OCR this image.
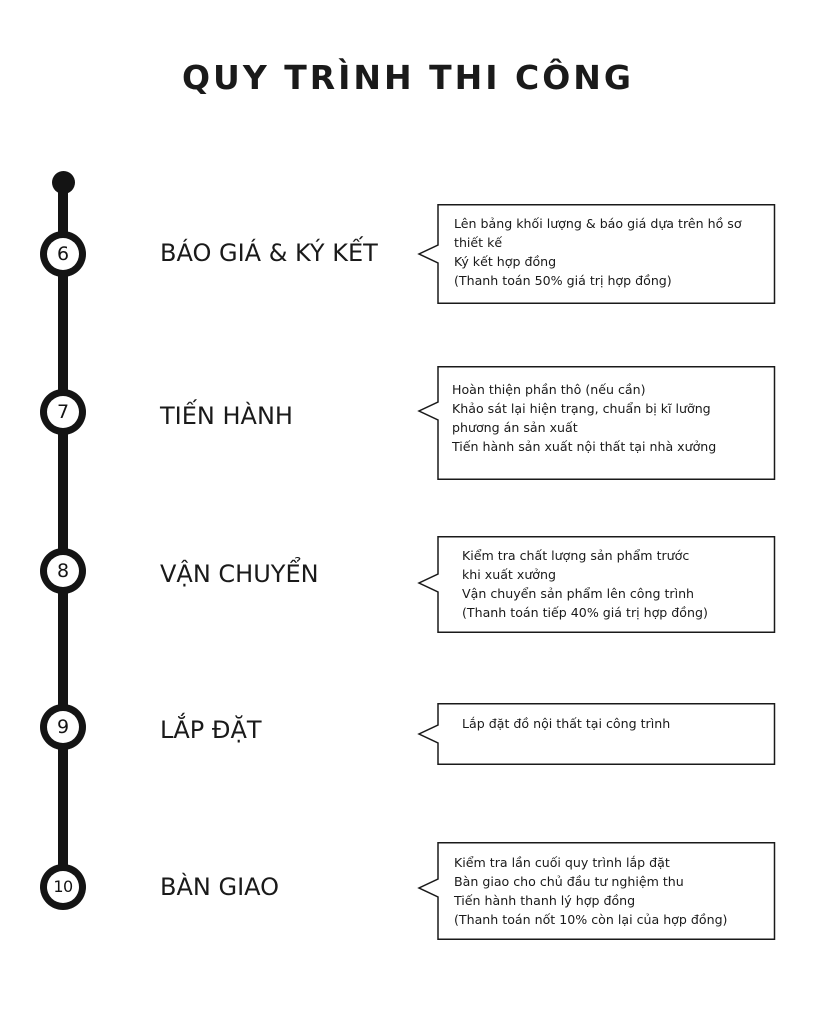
QUY TRÌNH THI CÔNG
6	BÁO GIÁ & KÝ KẾT
Lên bảng khối lượng & báo giá dựa trên hồ sơ
thiết kế
Ký kết hợp đồng
(Thanh toán 50% giá trị hợp đồng)
7	TIẾN HÀNH
Hoàn thiện phần thô (nếu cần)
Khảo sát lại hiện trạng, chuẩn bị kĩ lưỡng
phương án sản xuất
Tiến hành sản xuất nội thất tại nhà xưởng
8	VẬN CHUYỂN
Kiểm tra chất lượng sản phẩm trước
khi xuất xưởng
Vận chuyển sản phẩm lên công trình
(Thanh toán tiếp 40% giá trị hợp đồng)
9	LẮP ĐẶT	Lắp đặt đồ nội thất tại công trình
10	BÀN GIAO
Kiểm tra lần cuối quy trình lắp đặt
Bàn giao cho chủ đầu tư nghiệm thu
Tiến hành thanh lý hợp đồng
(Thanh toán nốt 10% còn lại của hợp đồng)
